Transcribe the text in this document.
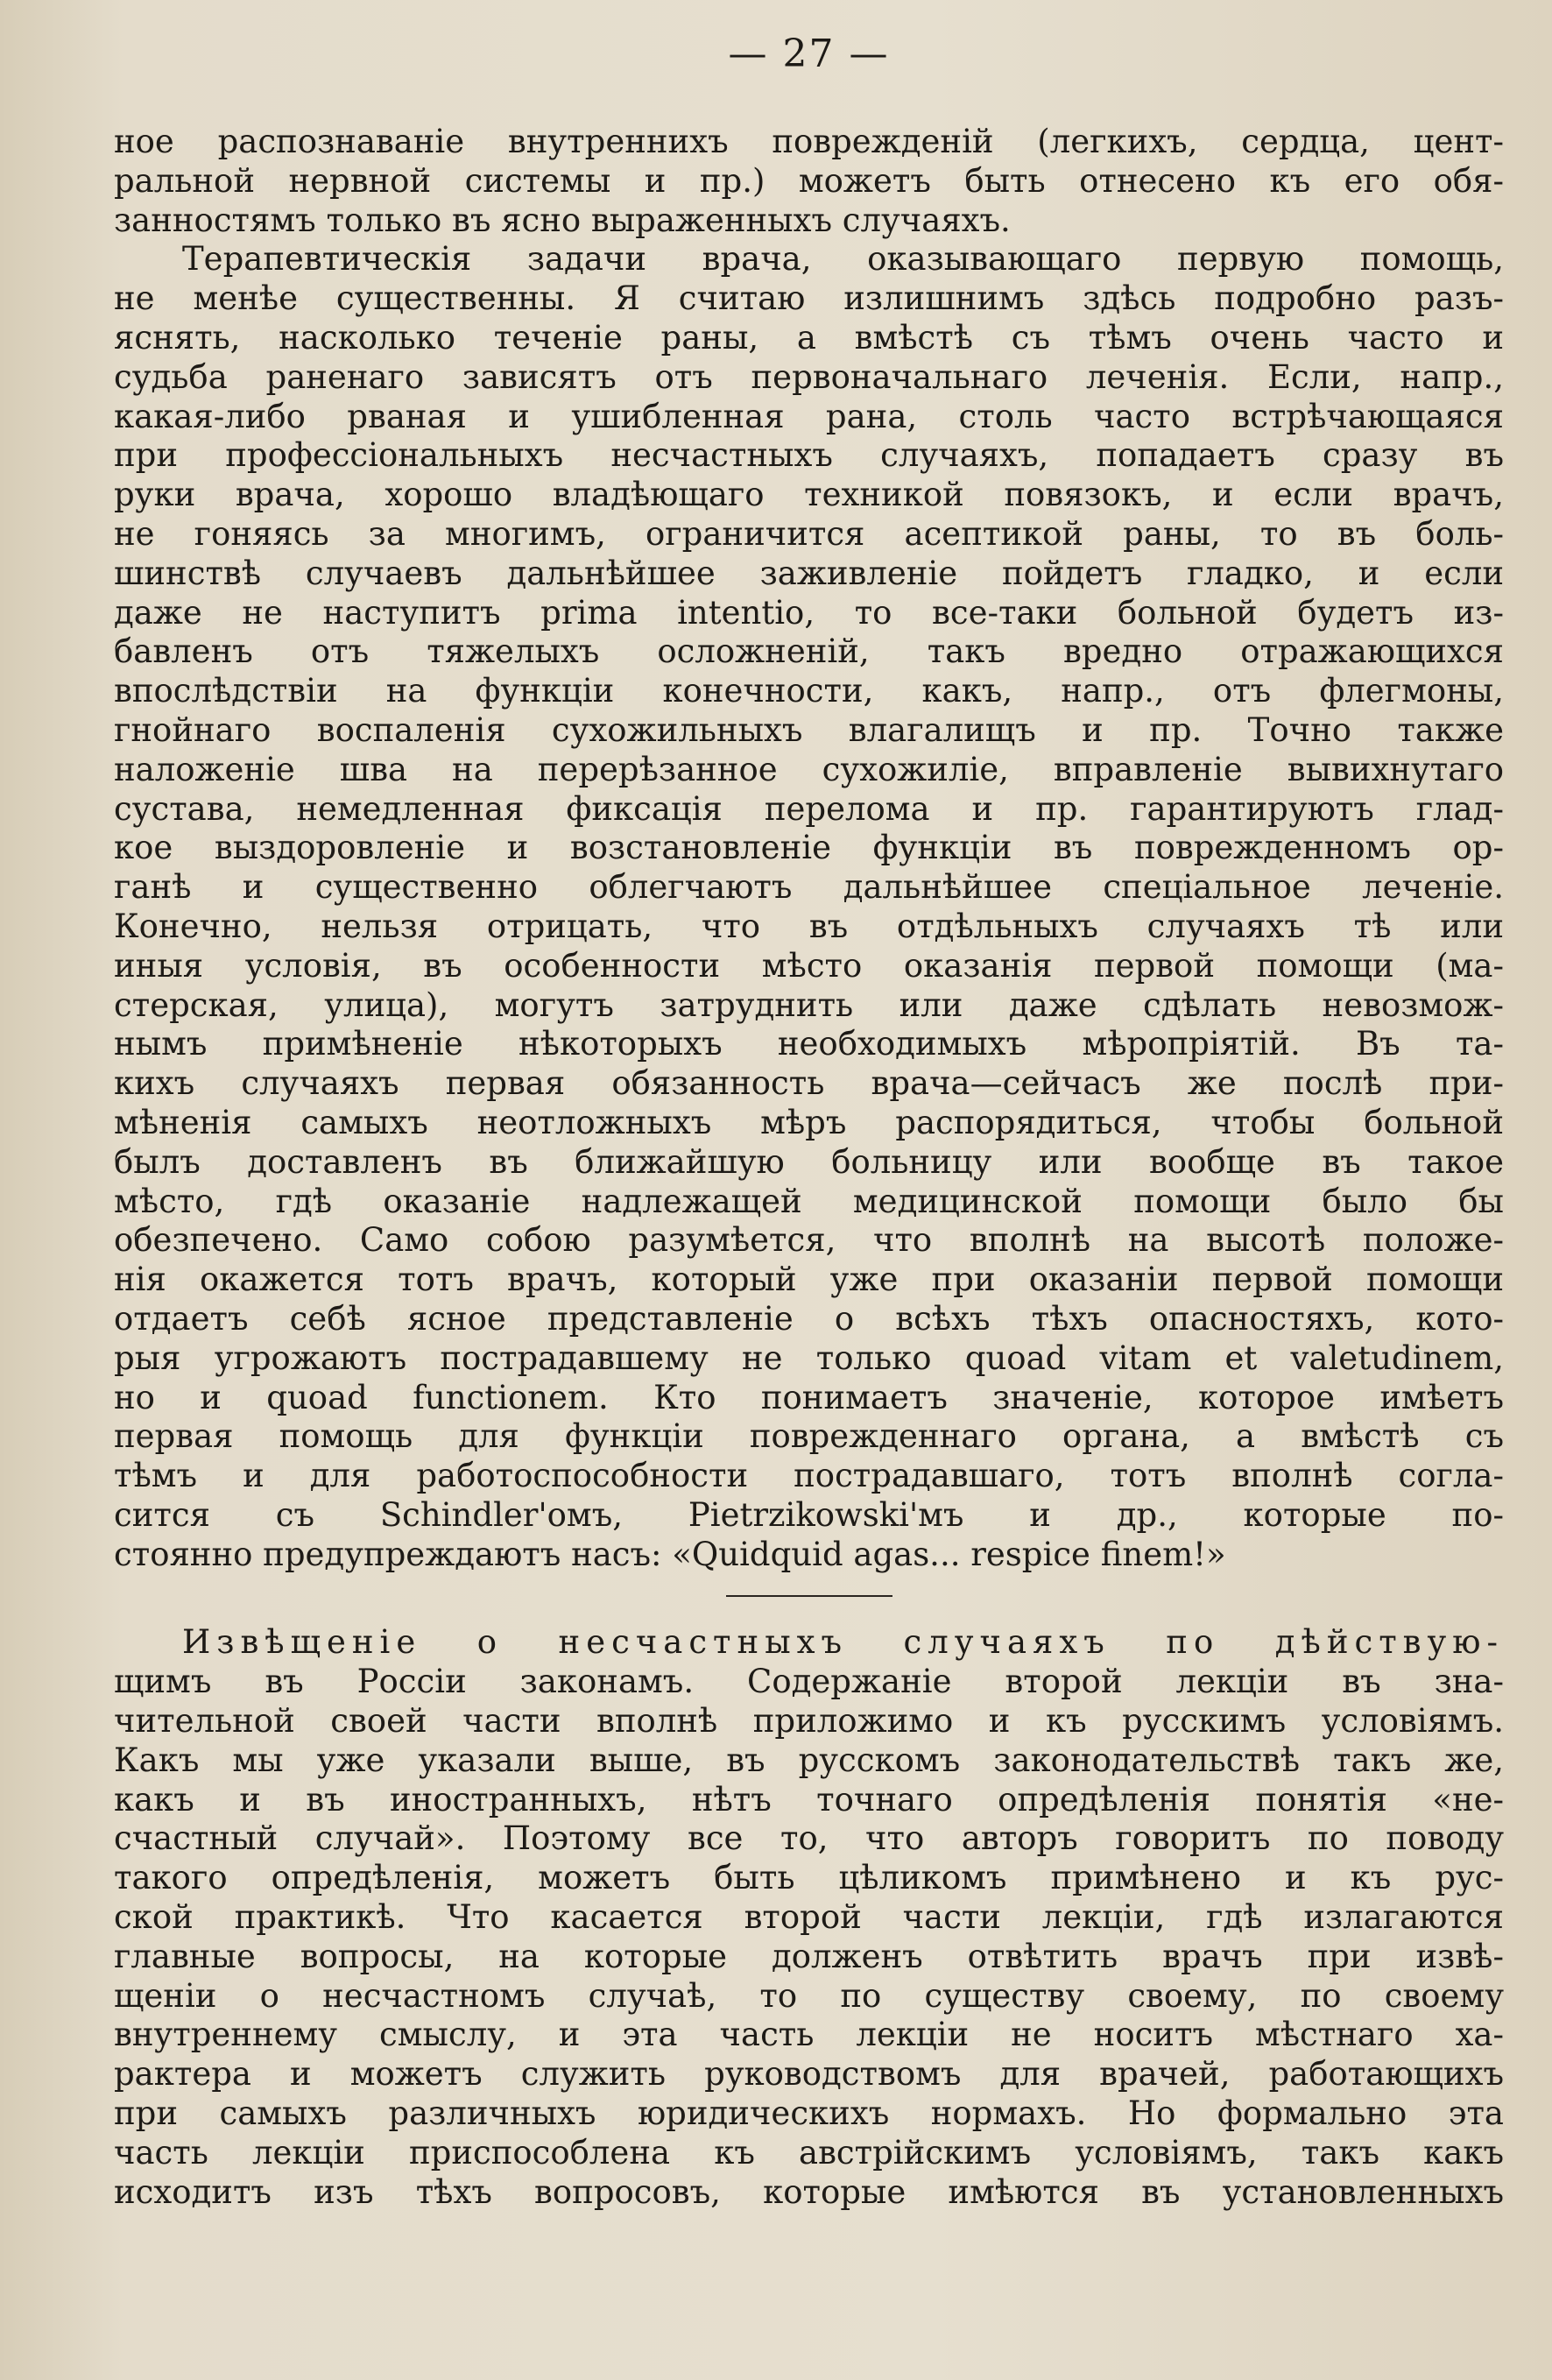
— 27 —
ное распознаваніе внутреннихъ поврежденій (легкихъ, сердца, цент-
ральной нервной системы и пр.) можетъ быть отнесено къ его обя-
занностямъ только въ ясно выраженныхъ случаяхъ.
Терапевтическія задачи врача, оказывающаго первую помощь,
не менѣе существенны. Я считаю излишнимъ здѣсь подробно разъ-
яснять, насколько теченіе раны, а вмѣстѣ съ тѣмъ очень часто и
судьба раненаго зависятъ отъ первоначальнаго леченія. Если, напр.,
какая-либо рваная и ушибленная рана, столь часто встрѣчающаяся
при профессіональныхъ несчастныхъ случаяхъ, попадаетъ сразу въ
руки врача, хорошо владѣющаго техникой повязокъ, и если врачъ,
не гоняясь за многимъ, ограничится асептикой раны, то въ боль-
шинствѣ случаевъ дальнѣйшее заживленіе пойдетъ гладко, и если
даже не наступитъ prima intentio, то все-таки больной будетъ из-
бавленъ отъ тяжелыхъ осложненій, такъ вредно отражающихся
впослѣдствіи на функціи конечности, какъ, напр., отъ флегмоны,
гнойнаго воспаленія сухожильныхъ влагалищъ и пр. Точно также
наложеніе шва на перерѣзанное сухожиліе, вправленіе вывихнутаго
сустава, немедленная фиксація перелома и пр. гарантируютъ глад-
кое выздоровленіе и возстановленіе функціи въ поврежденномъ ор-
ганѣ и существенно облегчаютъ дальнѣйшее спеціальное леченіе.
Конечно, нельзя отрицать, что въ отдѣльныхъ случаяхъ тѣ или
иныя условія, въ особенности мѣсто оказанія первой помощи (ма-
стерская, улица), могутъ затруднить или даже сдѣлать невозмож-
нымъ примѣненіе нѣкоторыхъ необходимыхъ мѣропріятій. Въ та-
кихъ случаяхъ первая обязанность врача—сейчасъ же послѣ при-
мѣненія самыхъ неотложныхъ мѣръ распорядиться, чтобы больной
былъ доставленъ въ ближайшую больницу или вообще въ такое
мѣсто, гдѣ оказаніе надлежащей медицинской помощи было бы
обезпечено. Само собою разумѣется, что вполнѣ на высотѣ положе-
нія окажется тотъ врачъ, который уже при оказаніи первой помощи
отдаетъ себѣ ясное представленіе о всѣхъ тѣхъ опасностяхъ, кото-
рыя угрожаютъ пострадавшему не только quoad vitam et valetudinem,
но и quoad functionem. Кто понимаетъ значеніе, которое имѣетъ
первая помощь для функціи поврежденнаго органа, а вмѣстѣ съ
тѣмъ и для работоспособности пострадавшаго, тотъ вполнѣ согла-
сится съ Schindler'омъ, Pietrzikowski'мъ и др., которые по-
стоянно предупреждаютъ насъ: «Quidquid agas... respice finem!»
Извѣщеніе о несчастныхъ случаяхъ по дѣйствую-
щимъ въ Россіи законамъ. Содержаніе второй лекціи въ зна-
чительной своей части вполнѣ приложимо и къ русскимъ условіямъ.
Какъ мы уже указали выше, въ русскомъ законодательствѣ такъ же,
какъ и въ иностранныхъ, нѣтъ точнаго опредѣленія понятія «не-
счастный случай». Поэтому все то, что авторъ говоритъ по поводу
такого опредѣленія, можетъ быть цѣликомъ примѣнено и къ рус-
ской практикѣ. Что касается второй части лекціи, гдѣ излагаются
главные вопросы, на которые долженъ отвѣтить врачъ при извѣ-
щеніи о несчастномъ случаѣ, то по существу своему, по своему
внутреннему смыслу, и эта часть лекціи не носитъ мѣстнаго ха-
рактера и можетъ служить руководствомъ для врачей, работающихъ
при самыхъ различныхъ юридическихъ нормахъ. Но формально эта
часть лекціи приспособлена къ австрійскимъ условіямъ, такъ какъ
исходитъ изъ тѣхъ вопросовъ, которые имѣются въ установленныхъ
